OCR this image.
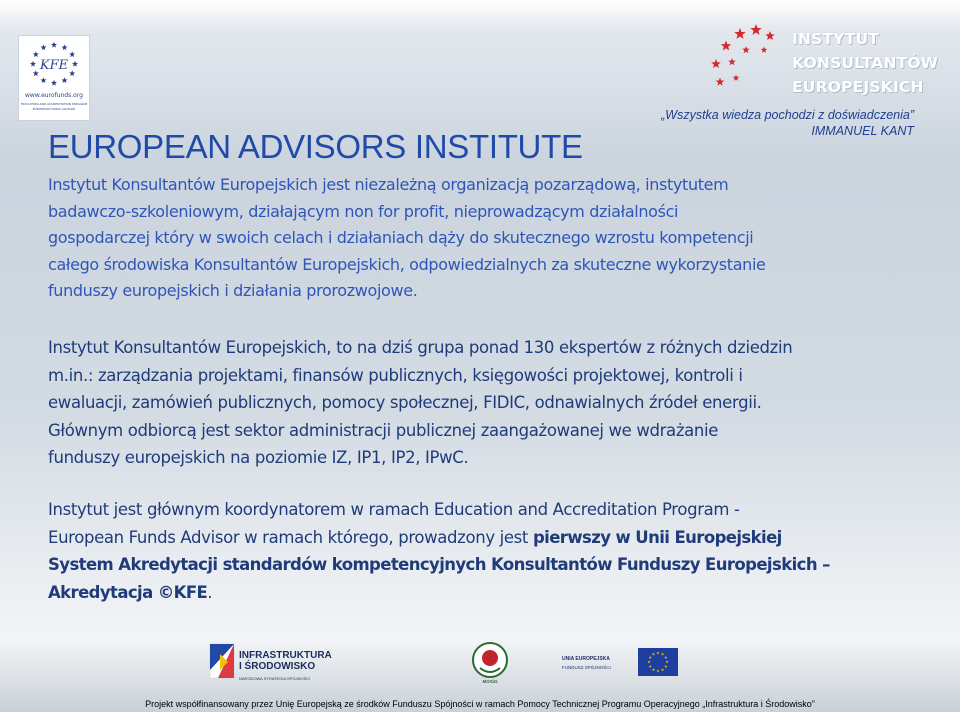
KFE
www.eurofunds.org
EDUCATION AND ACCREDITATION PROGRAM
EUROPEAN FUNDS ADVISOR
INSTYTUT
KONSULTANTÓW
EUROPEJSKICH
„Wszystka wiedza pochodzi z doświadczenia”
IMMANUEL KANT
EUROPEAN ADVISORS INSTITUTE
Instytut Konsultantów Europejskich jest niezależną organizacją pozarządową, instytutem
badawczo-szkoleniowym, działającym non for profit, nieprowadzącym działalności
gospodarczej który w swoich celach i działaniach dąży do skutecznego wzrostu kompetencji
całego środowiska Konsultantów Europejskich, odpowiedzialnych za skuteczne wykorzystanie
funduszy europejskich i działania prorozwojowe.
Instytut Konsultantów Europejskich, to na dziś grupa ponad 130 ekspertów z różnych dziedzin
m.in.: zarządzania projektami, finansów publicznych, księgowości projektowej, kontroli i
ewaluacji, zamówień publicznych, pomocy społecznej, FIDIC, odnawialnych źródeł energii.
Głównym odbiorcą jest sektor administracji publicznej zaangażowanej we wdrażanie
funduszy europejskich na poziomie IZ, IP1, IP2, IPwC.
Instytut jest głównym koordynatorem w ramach Education and Accreditation Program -
European Funds Advisor w ramach którego, prowadzony jest pierwszy w Unii Europejskiej
System Akredytacji standardów kompetencyjnych Konsultantów Funduszy Europejskich –
Akredytacja ©KFE.
INFRASTRUKTURA
I ŚRODOWISKO
NARODOWA STRATEGIA SPÓJNOŚCI
MOSiG
UNIA EUROPEJSKA
FUNDUSZ SPÓJNOŚCI
Projekt współfinansowany przez Unię Europejską ze środków Funduszu Spójności w ramach Pomocy Technicznej Programu Operacyjnego „Infrastruktura i Środowisko”
